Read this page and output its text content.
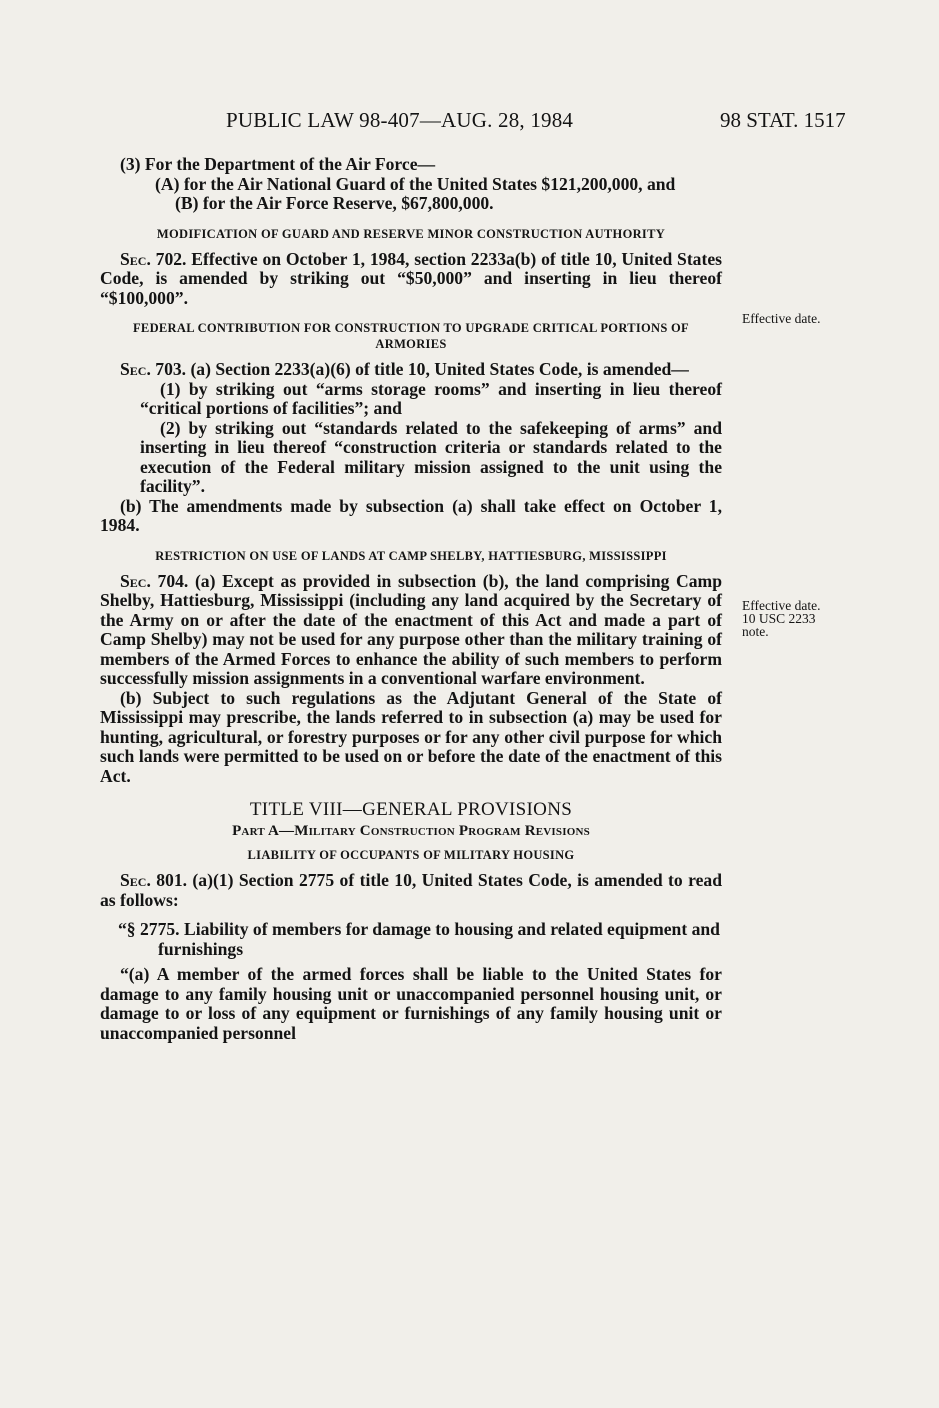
PUBLIC LAW 98-407—AUG. 28, 1984	98 STAT. 1517
Effective date.
Effective date.
10 USC 2233
note.

(3) For the Department of the Air Force—

(A) for the Air National Guard of the United States $121,200,000, and

(B) for the Air Force Reserve, $67,800,000.

MODIFICATION OF GUARD AND RESERVE MINOR CONSTRUCTION AUTHORITY

Sec. 702. Effective on October 1, 1984, section 2233a(b) of title 10, United States Code, is amended by striking out “$50,000” and inserting in lieu thereof “$100,000”.

FEDERAL CONTRIBUTION FOR CONSTRUCTION TO UPGRADE CRITICAL PORTIONS OF ARMORIES

Sec. 703. (a) Section 2233(a)(6) of title 10, United States Code, is amended—

(1) by striking out “arms storage rooms” and inserting in lieu thereof “critical portions of facilities”; and

(2) by striking out “standards related to the safekeeping of arms” and inserting in lieu thereof “construction criteria or standards related to the execution of the Federal military mission assigned to the unit using the facility”.

(b) The amendments made by subsection (a) shall take effect on October 1, 1984.

RESTRICTION ON USE OF LANDS AT CAMP SHELBY, HATTIESBURG, MISSISSIPPI

Sec. 704. (a) Except as provided in subsection (b), the land comprising Camp Shelby, Hattiesburg, Mississippi (including any land acquired by the Secretary of the Army on or after the date of the enactment of this Act and made a part of Camp Shelby) may not be used for any purpose other than the military training of members of the Armed Forces to enhance the ability of such members to perform successfully mission assignments in a conventional warfare environment.

(b) Subject to such regulations as the Adjutant General of the State of Mississippi may prescribe, the lands referred to in subsection (a) may be used for hunting, agricultural, or forestry purposes or for any other civil purpose for which such lands were permitted to be used on or before the date of the enactment of this Act.

TITLE VIII—GENERAL PROVISIONS

Part A—Military Construction Program Revisions

LIABILITY OF OCCUPANTS OF MILITARY HOUSING

Sec. 801. (a)(1) Section 2775 of title 10, United States Code, is amended to read as follows:

“§ 2775. Liability of members for damage to housing and related equipment and furnishings

“(a) A member of the armed forces shall be liable to the United States for damage to any family housing unit or unaccompanied personnel housing unit, or damage to or loss of any equipment or furnishings of any family housing unit or unaccompanied personnel
